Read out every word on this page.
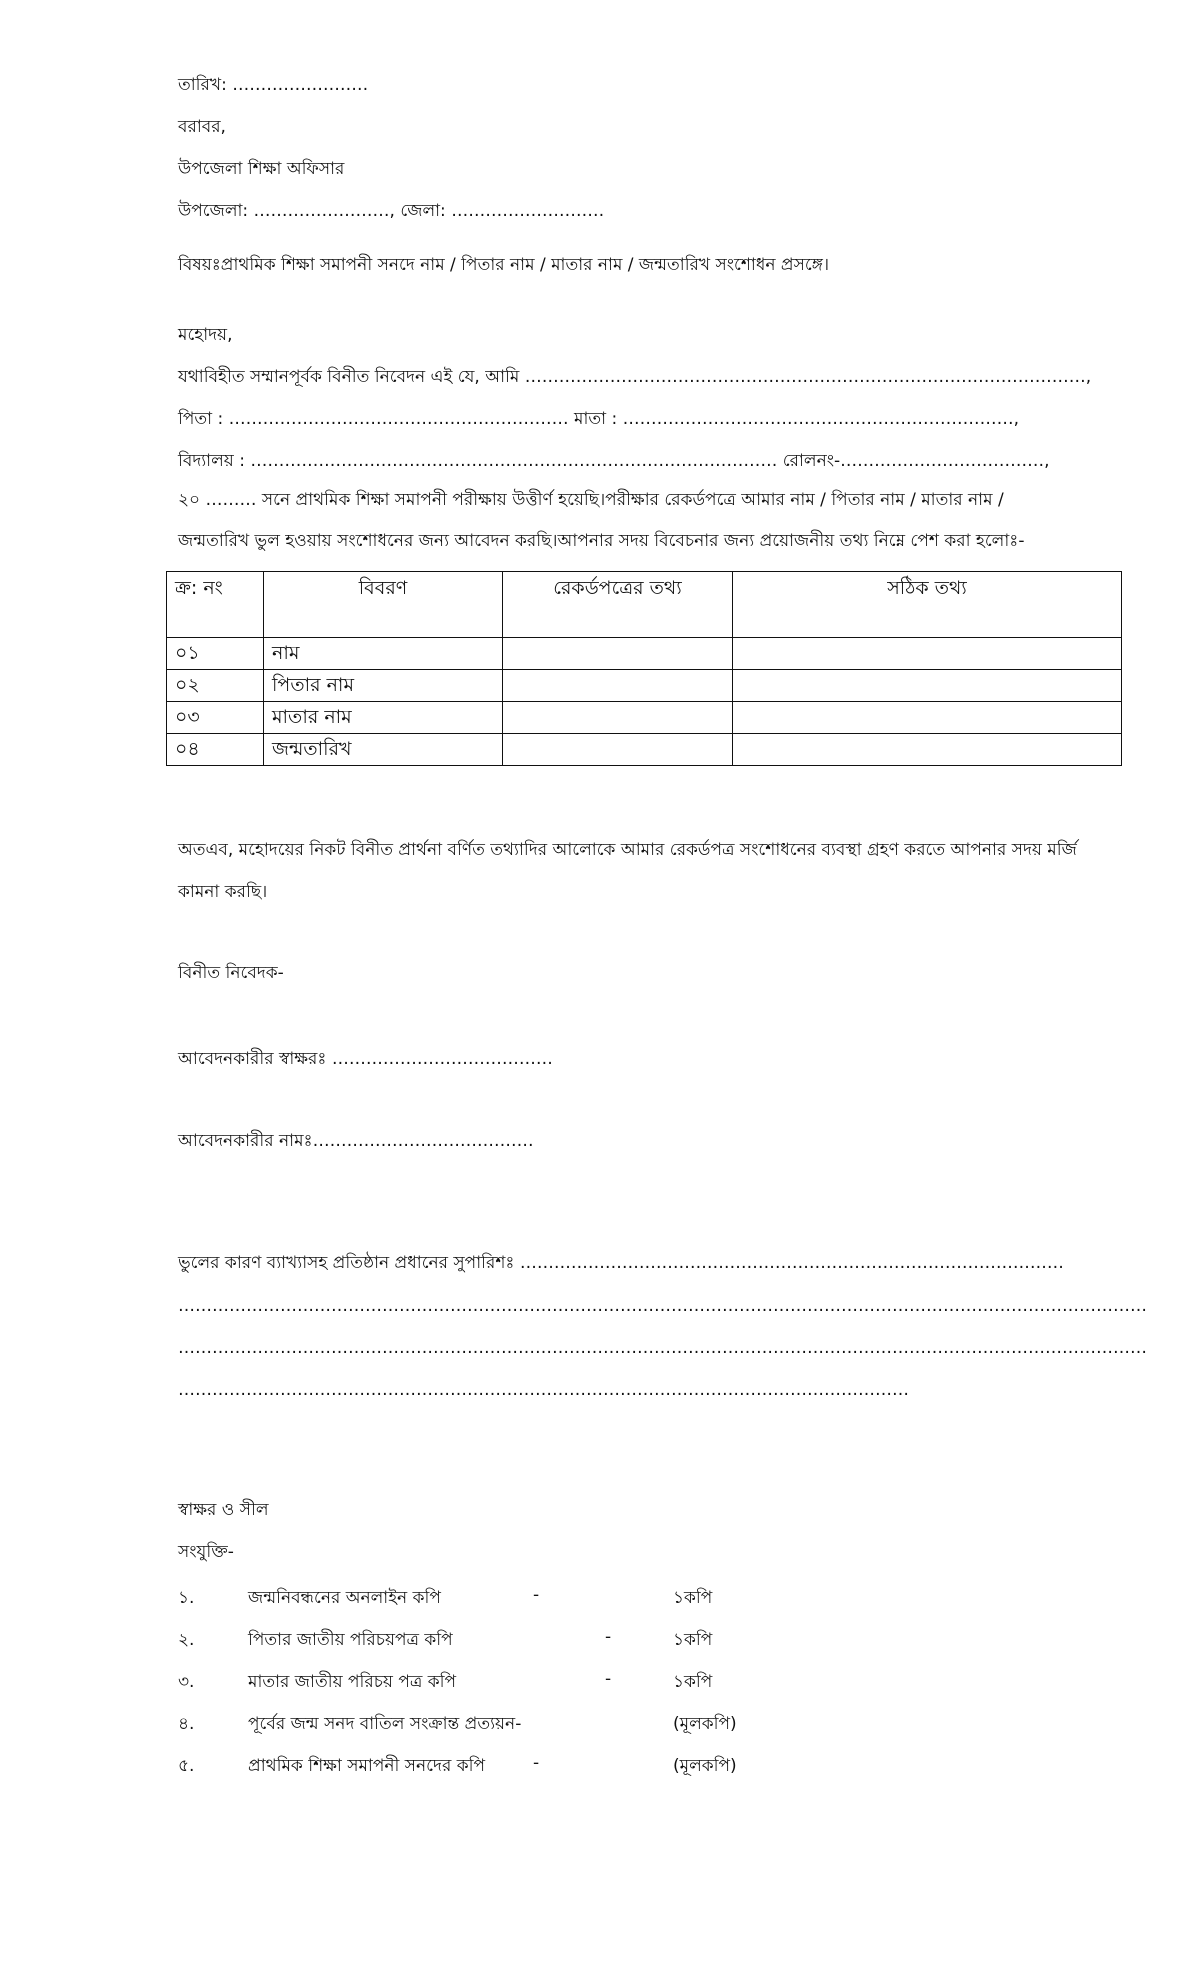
তারিখ: ……………………
বরাবর,
উপজেলা শিক্ষা অফিসার
উপজেলা: ……………………, জেলা: ………………………
বিষয়ঃপ্রাথমিক শিক্ষা সমাপনী সনদে নাম / পিতার নাম / মাতার নাম / জন্মতারিখ সংশোধন প্রসঙ্গে।
মহোদয়,
যথাবিহীত সম্মানপূর্বক বিনীত নিবেদন এই যে, আমি ………………………………………………………………………………………,
পিতা : …………………………………………………… মাতা : ……………………………………………………………,
বিদ্যালয় : ………………………………………………………………………………… রোলনং-………………………………,
২০ ……… সনে প্রাথমিক শিক্ষা সমাপনী পরীক্ষায় উত্তীর্ণ হয়েছি।পরীক্ষার রেকর্ডপত্রে আমার নাম / পিতার নাম / মাতার নাম /
জন্মতারিখ ভুল হওয়ায় সংশোধনের জন্য আবেদন করছি।আপনার সদয় বিবেচনার জন্য প্রয়োজনীয় তথ্য নিম্নে পেশ করা হলোঃ-
ক্র: নং	বিবরণ	রেকর্ডপত্রের তথ্য	সঠিক তথ্য
০১	নাম		
০২	পিতার নাম		
০৩	মাতার নাম		
০৪	জন্মতারিখ		
অতএব, মহোদয়ের নিকট বিনীত প্রার্থনা বর্ণিত তথ্যাদির আলোকে আমার রেকর্ডপত্র সংশোধনের ব্যবস্থা গ্রহণ করতে আপনার সদয় মর্জি
কামনা করছি।
বিনীত নিবেদক-
আবেদনকারীর স্বাক্ষরঃ …………………………………
আবেদনকারীর নামঃ…………………………………
ভুলের কারণ ব্যাখ্যাসহ প্রতিষ্ঠান প্রধানের সুপারিশঃ ……………………………………………………………………………………
………………………………………………………………………………………………………………………………………………………
………………………………………………………………………………………………………………………………………………………
…………………………………………………………………………………………………………………
স্বাক্ষর ও সীল
সংযুক্তি-
১.	জন্মনিবন্ধনের অনলাইন কপি	-	১কপি
২.	পিতার জাতীয় পরিচয়পত্র কপি	-	১কপি
৩.	মাতার জাতীয় পরিচয় পত্র কপি	-	১কপি
৪.	পূর্বের জন্ম সনদ বাতিল সংক্রান্ত প্রত্যয়ন-	(মূলকপি)
৫.	প্রাথমিক শিক্ষা সমাপনী সনদের কপি	-	(মূলকপি)
